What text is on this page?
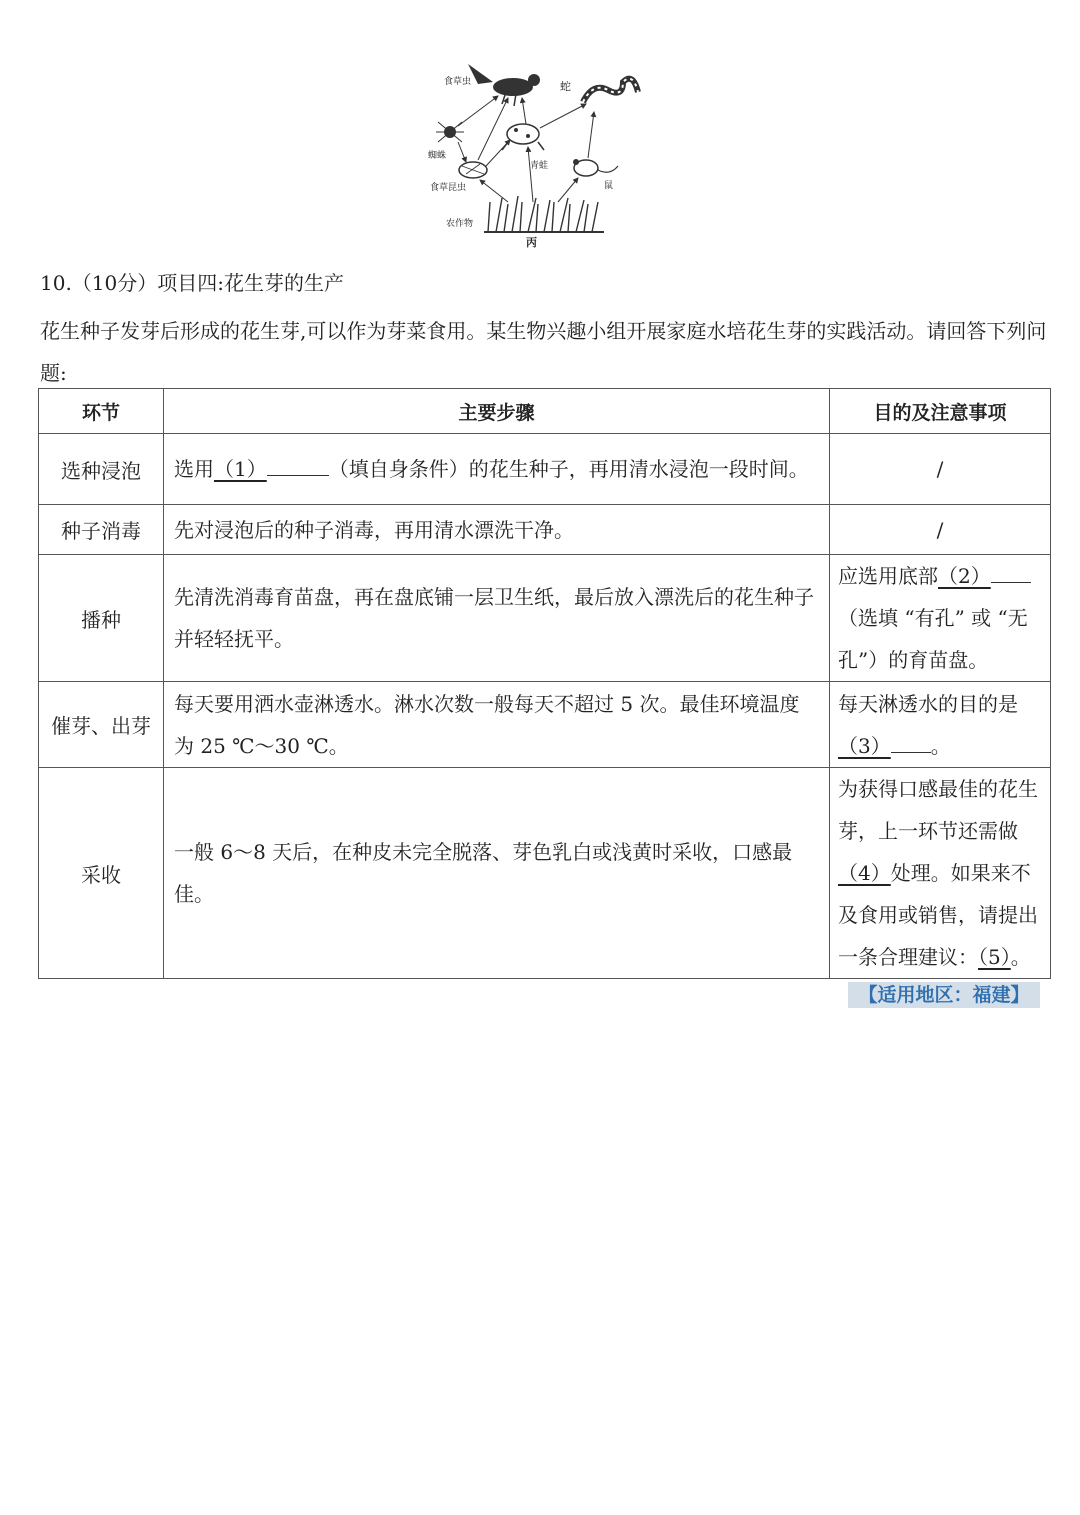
食草虫	蛇
蜘蛛
青蛙
食草昆虫	鼠
农作物
丙
10.（10分）项目四:花生芽的生产
花生种子发芽后形成的花生芽,可以作为芽菜食用。某生物兴趣小组开展家庭水培花生芽的实践活动。请回答下列问题:
环节	主要步骤	目的及注意事项
选种浸泡	选用（1） （填自身条件）的花生种子，再用清水浸泡一段时间。	/
种子消毒	先对浸泡后的种子消毒，再用清水漂洗干净。	/
播种	先清洗消毒育苗盘，再在盘底铺一层卫生纸，最后放入漂洗后的花生种子并轻轻抚平。	应选用底部（2）（选填 “有孔” 或 “无孔”）的育苗盘。
催芽、出芽	每天要用洒水壶淋透水。淋水次数一般每天不超过 5 次。最佳环境温度为 25 ℃～30 ℃。	每天淋透水的目的是
（3） 。
采收	一般 6～8 天后，在种皮未完全脱落、芽色乳白或浅黄时采收，口感最佳。	为获得口感最佳的花生芽，上一环节还需做（4）处理。如果来不及食用或销售，请提出一条合理建议：（5）。
【适用地区：福建】
